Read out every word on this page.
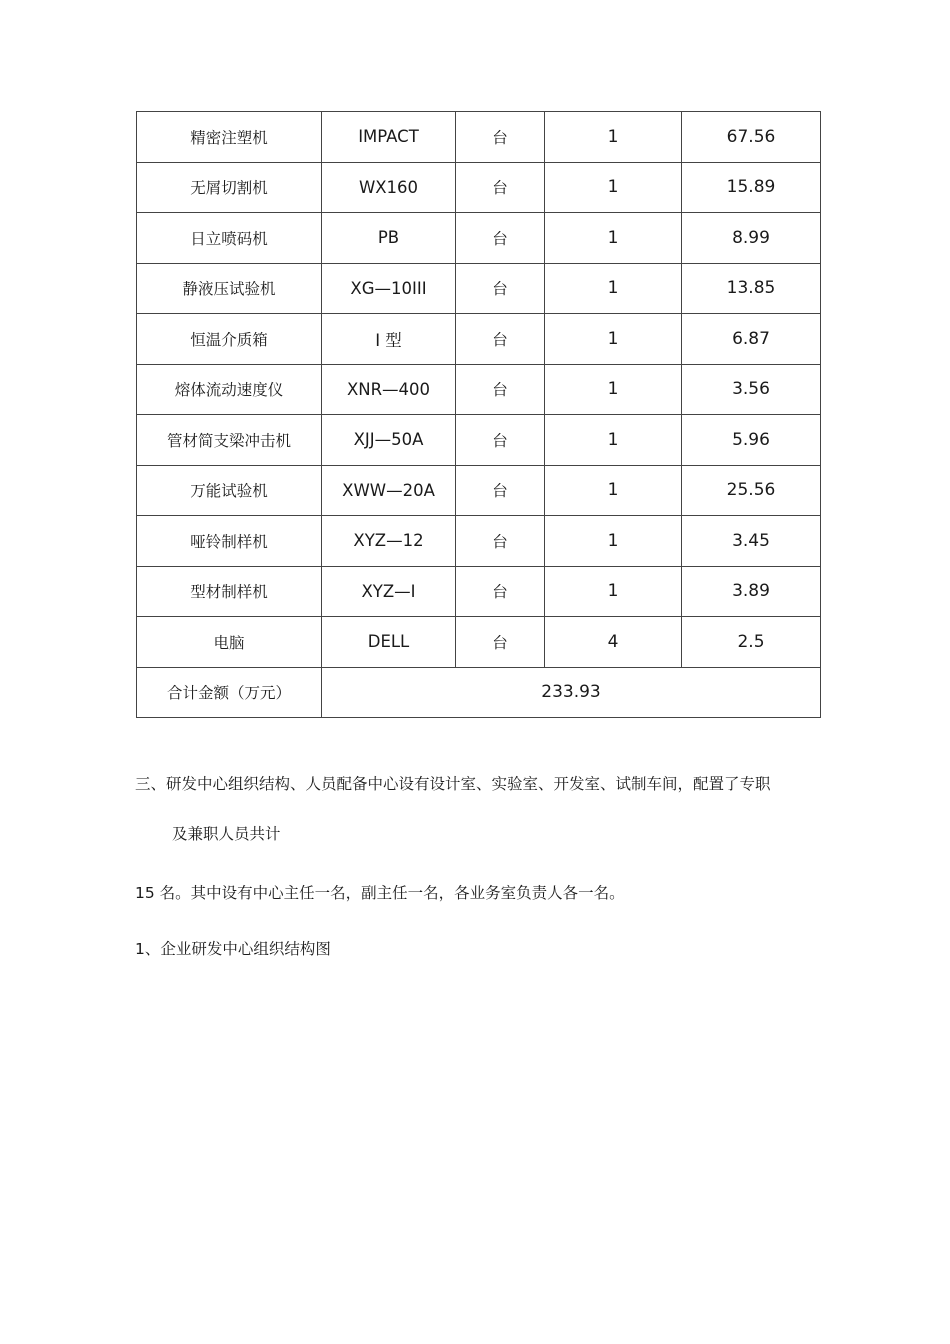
精密注塑机	IMPACT	台	1	67.56
无屑切割机	WX160	台	1	15.89
日立喷码机	PB	台	1	8.99
静液压试验机	XG—10III	台	1	13.85
恒温介质箱	I 型	台	1	6.87
熔体流动速度仪	XNR—400	台	1	3.56
管材简支梁冲击机	XJJ—50A	台	1	5.96
万能试验机	XWW—20A	台	1	25.56
哑铃制样机	XYZ—12	台	1	3.45
型材制样机	XYZ—I	台	1	3.89
电脑	DELL	台	4	2.5
合计金额（万元）	233.93			
三、研发中心组织结构、人员配备中心设有设计室、实验室、开发室、试制车间，配置了专职
及兼职人员共计
15 名。其中设有中心主任一名，副主任一名，各业务室负责人各一名。
1、企业研发中心组织结构图
